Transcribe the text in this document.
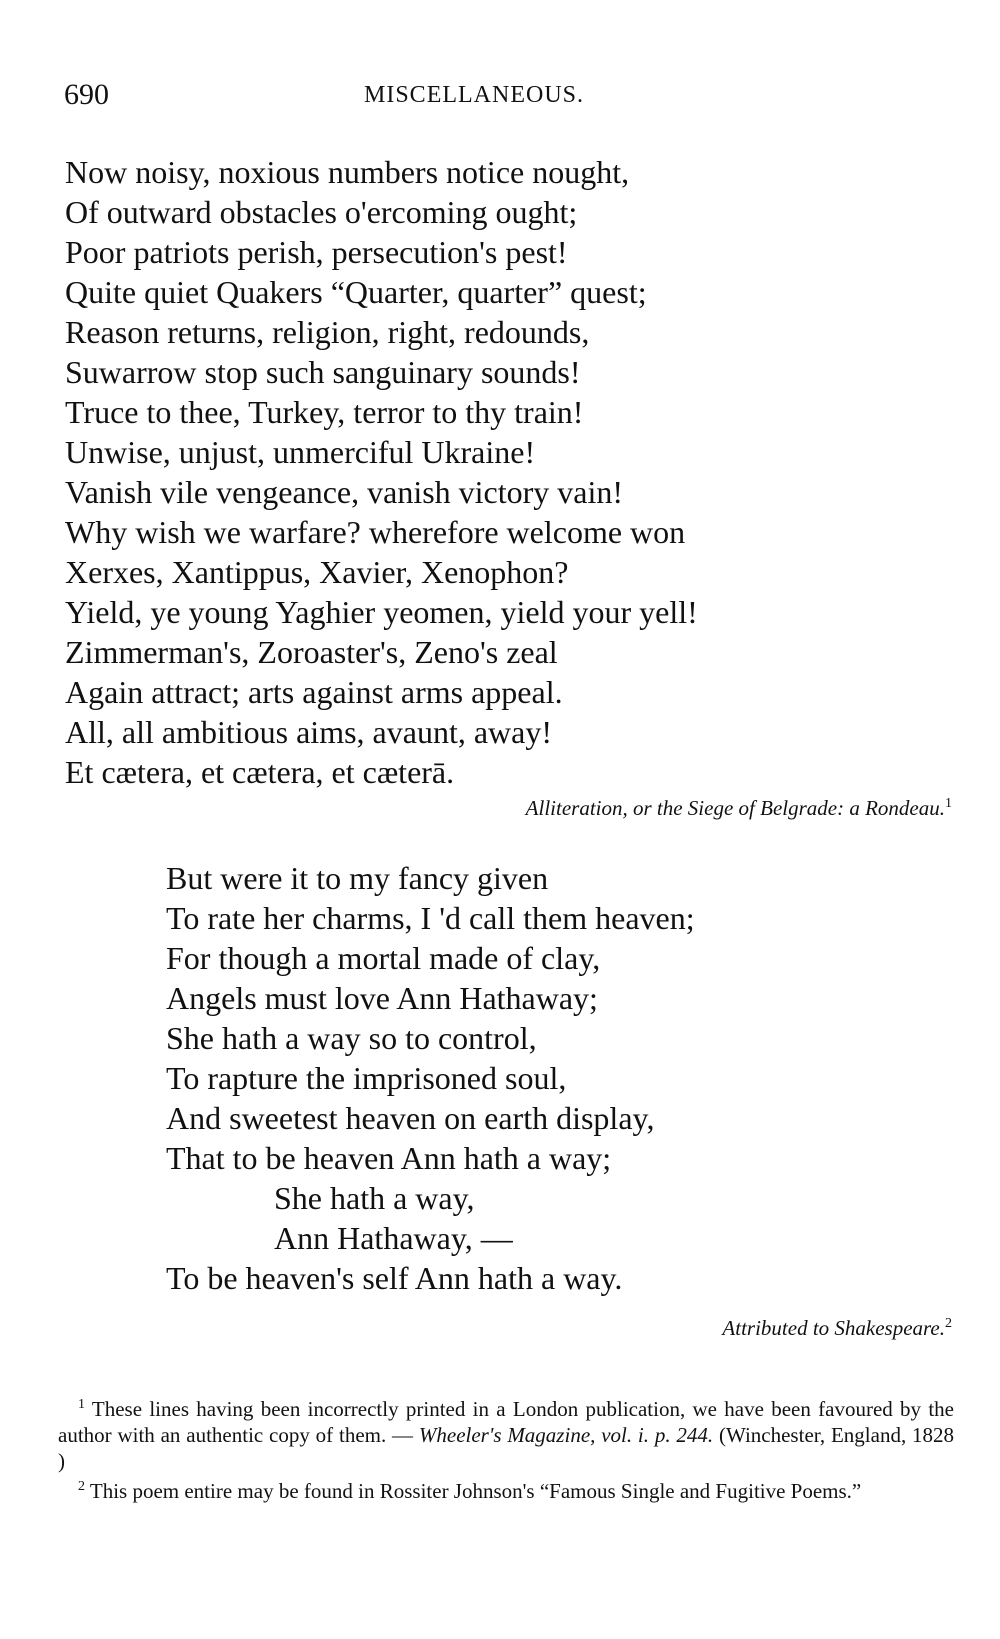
690	MISCELLANEOUS.
Now noisy, noxious numbers notice nought,
Of outward obstacles o'ercoming ought;
Poor patriots perish, persecution's pest!
Quite quiet Quakers “Quarter, quarter” quest;
Reason returns, religion, right, redounds,
Suwarrow stop such sanguinary sounds!
Truce to thee, Turkey, terror to thy train!
Unwise, unjust, unmerciful Ukraine!
Vanish vile vengeance, vanish victory vain!
Why wish we warfare? wherefore welcome won
Xerxes, Xantippus, Xavier, Xenophon?
Yield, ye young Yaghier yeomen, yield your yell!
Zimmerman's, Zoroaster's, Zeno's zeal
Again attract; arts against arms appeal.
All, all ambitious aims, avaunt, away!
Et cætera, et cætera, et cæterā.
Alliteration, or the Siege of Belgrade: a Rondeau.$^1$
But were it to my fancy given
To rate her charms, I 'd call them heaven;
For though a mortal made of clay,
Angels must love Ann Hathaway;
She hath a way so to control,
To rapture the imprisoned soul,
And sweetest heaven on earth display,
That to be heaven Ann hath a way;
She hath a way,
Ann Hathaway, —
To be heaven's self Ann hath a way.
Attributed to Shakespeare.$^2$
$^1$ These lines having been incorrectly printed in a London publication, we have been favoured by the author with an authentic copy of them. — Wheeler's Magazine, vol. i. p. 244. (Winchester, England, 1828 )
$^2$ This poem entire may be found in Rossiter Johnson's “Famous Single and Fugitive Poems.”
